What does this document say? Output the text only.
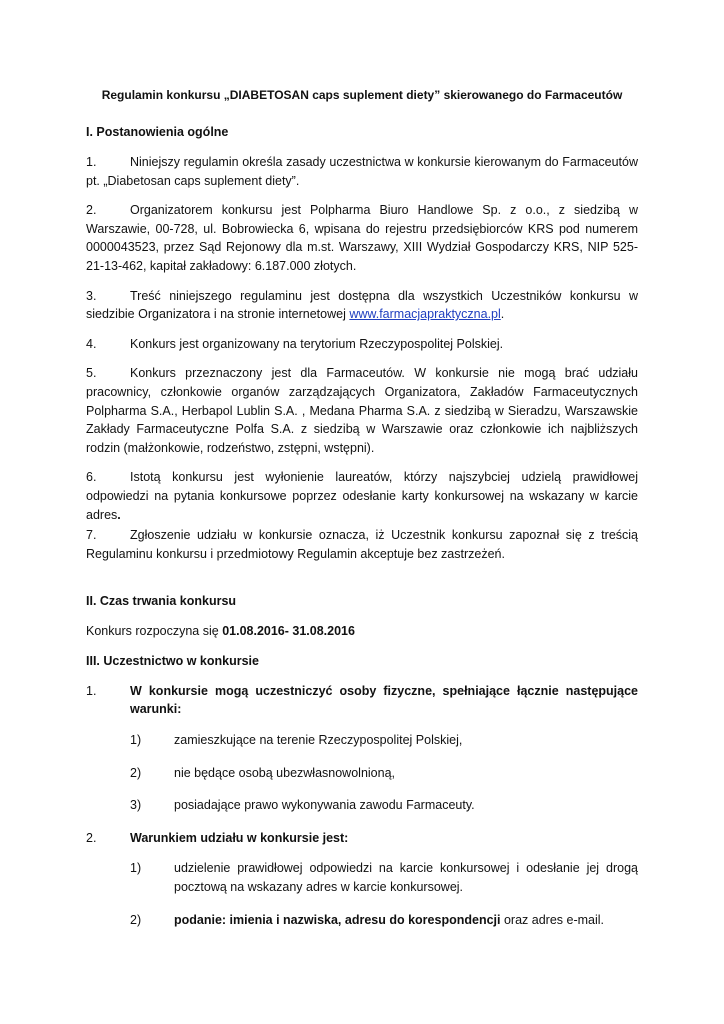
Regulamin konkursu „DIABETOSAN caps suplement diety” skierowanego do Farmaceutów
I. Postanowienia ogólne
1.	Niniejszy regulamin określa zasady uczestnictwa w konkursie kierowanym do Farmaceutów pt. „Diabetosan caps suplement diety”.
2.	Organizatorem konkursu jest Polpharma Biuro Handlowe Sp. z o.o., z siedzibą w Warszawie, 00-728, ul. Bobrowiecka 6, wpisana do rejestru przedsiębiorców KRS pod numerem 0000043523, przez Sąd Rejonowy dla m.st. Warszawy, XIII Wydział Gospodarczy KRS, NIP 525-21-13-462, kapitał zakładowy: 6.187.000 złotych.
3.	Treść niniejszego regulaminu jest dostępna dla wszystkich Uczestników konkursu w siedzibie Organizatora i na stronie internetowej www.farmacjapraktyczna.pl.
4.	Konkurs jest organizowany na terytorium Rzeczypospolitej Polskiej.
5.	Konkurs przeznaczony jest dla Farmaceutów. W konkursie nie mogą brać udziału pracownicy, członkowie organów zarządzających Organizatora, Zakładów Farmaceutycznych Polpharma S.A., Herbapol Lublin S.A. , Medana Pharma S.A. z siedzibą w Sieradzu, Warszawskie Zakłady Farmaceutyczne Polfa S.A. z siedzibą w Warszawie oraz członkowie ich najbliższych rodzin (małżonkowie, rodzeństwo, zstępni, wstępni).
6.	Istotą konkursu jest wyłonienie laureatów, którzy najszybciej udzielą prawidłowej odpowiedzi na pytania konkursowe poprzez odesłanie karty konkursowej na wskazany w karcie adres.
7.	Zgłoszenie udziału w konkursie oznacza, iż Uczestnik konkursu zapoznał się z treścią Regulaminu konkursu i przedmiotowy Regulamin akceptuje bez zastrzeżeń.
II. Czas trwania konkursu
Konkurs rozpoczyna się 01.08.2016- 31.08.2016
III. Uczestnictwo w konkursie
1.	W konkursie mogą uczestniczyć osoby fizyczne, spełniające łącznie następujące warunki:
1)	zamieszkujące na terenie Rzeczypospolitej Polskiej,
2)	nie będące osobą ubezwłasnowolnioną,
3)	posiadające prawo wykonywania zawodu Farmaceuty.
2.	Warunkiem udziału w konkursie jest:
1)	udzielenie prawidłowej odpowiedzi na karcie konkursowej i odesłanie jej drogą pocztową na wskazany adres w karcie konkursowej.
2)	podanie: imienia i nazwiska, adresu do korespondencji oraz adres e-mail.
